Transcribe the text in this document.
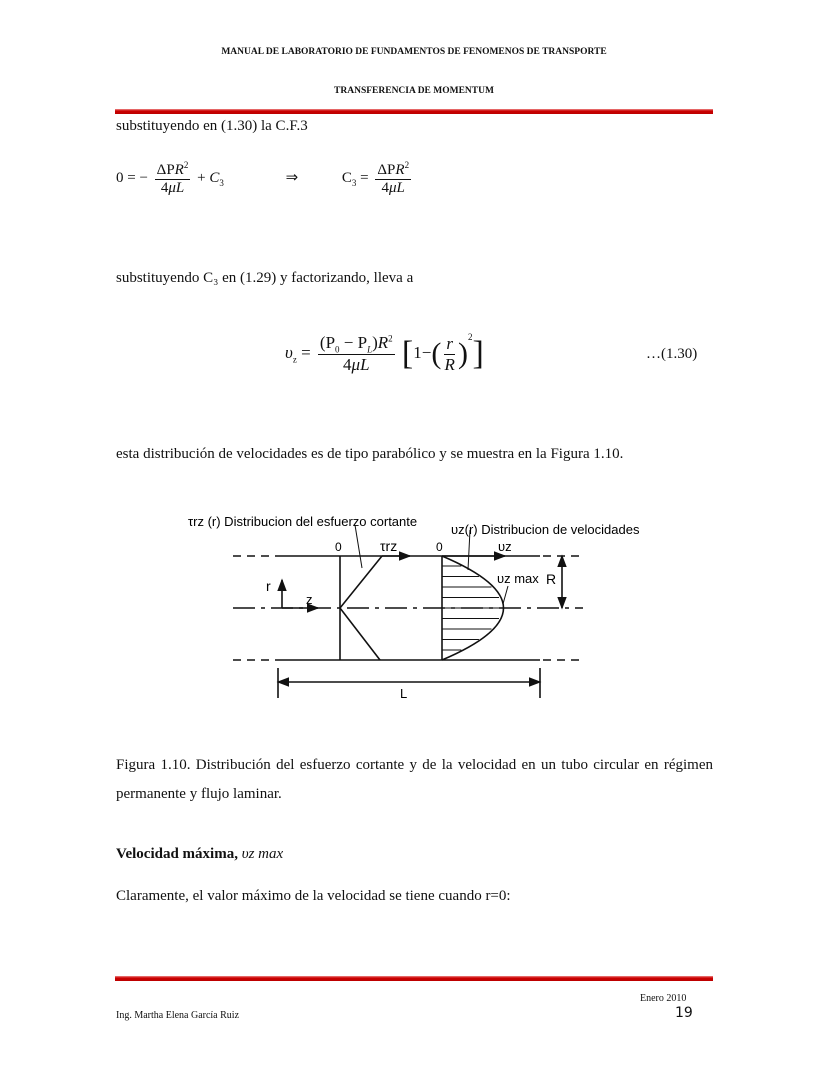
MANUAL DE LABORATORIO DE FUNDAMENTOS DE FENOMENOS DE TRANSPORTE
TRANSFERENCIA DE MOMENTUM
substituyendo en (1.30) la C.F.3
0 = − $\frac{\Delta PR^2}{4\mu L} + C_3$	⇒	$C_3 = \frac{\Delta PR^2}{4\mu L}$
substituyendo C₃ en (1.29) y factorizando, lleva a
$\upsilon_z = \frac{(P_0 - P_L)R^2}{4\mu L} [1-( \frac{r}{R} )^2]$	…(1.30)
esta distribución de velocidades es de tipo parabólico y se muestra en la Figura 1.10.
τrz (r) Distribucion del esfuerzo cortante
υz(r) Distribucion de velocidades
0	0
τrz	υz
υz max
r
z
R
L
Figura 1.10. Distribución del esfuerzo cortante y de la velocidad en un tubo circular en régimen permanente y flujo laminar.
Velocidad máxima, υz max
Claramente, el valor máximo de la velocidad se tiene cuando r=0:
Enero 2010
Ing. Martha Elena García Ruiz	19
